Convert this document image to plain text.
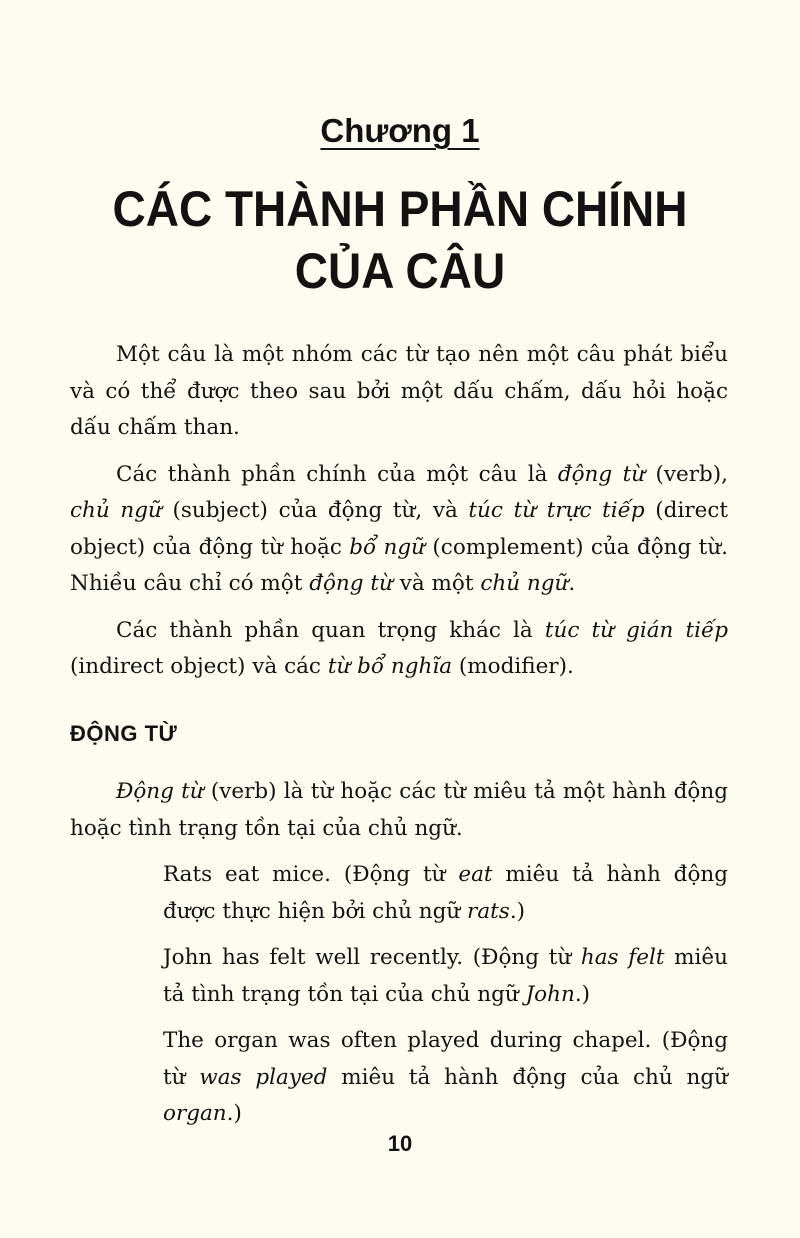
Chương 1
CÁC THÀNH PHẦN CHÍNH
CỦA CÂU

Một câu là một nhóm các từ tạo nên một câu phát biểu và có thể được theo sau bởi một dấu chấm, dấu hỏi hoặc dấu chấm than.

Các thành phần chính của một câu là động từ (verb), chủ ngữ (subject) của động từ, và túc từ trực tiếp (direct object) của động từ hoặc bổ ngữ (complement) của động từ. Nhiều câu chỉ có một động từ và một chủ ngữ.

Các thành phần quan trọng khác là túc từ gián tiếp (indirect object) và các từ bổ nghĩa (modifier).

ĐỘNG TỪ

Động từ (verb) là từ hoặc các từ miêu tả một hành động hoặc tình trạng tồn tại của chủ ngữ.

Rats eat mice. (Động từ eat miêu tả hành động được thực hiện bởi chủ ngữ rats.)

John has felt well recently. (Động từ has felt miêu tả tình trạng tồn tại của chủ ngữ John.)

The organ was often played during chapel. (Động từ was played miêu tả hành động của chủ ngữ organ.)

10
